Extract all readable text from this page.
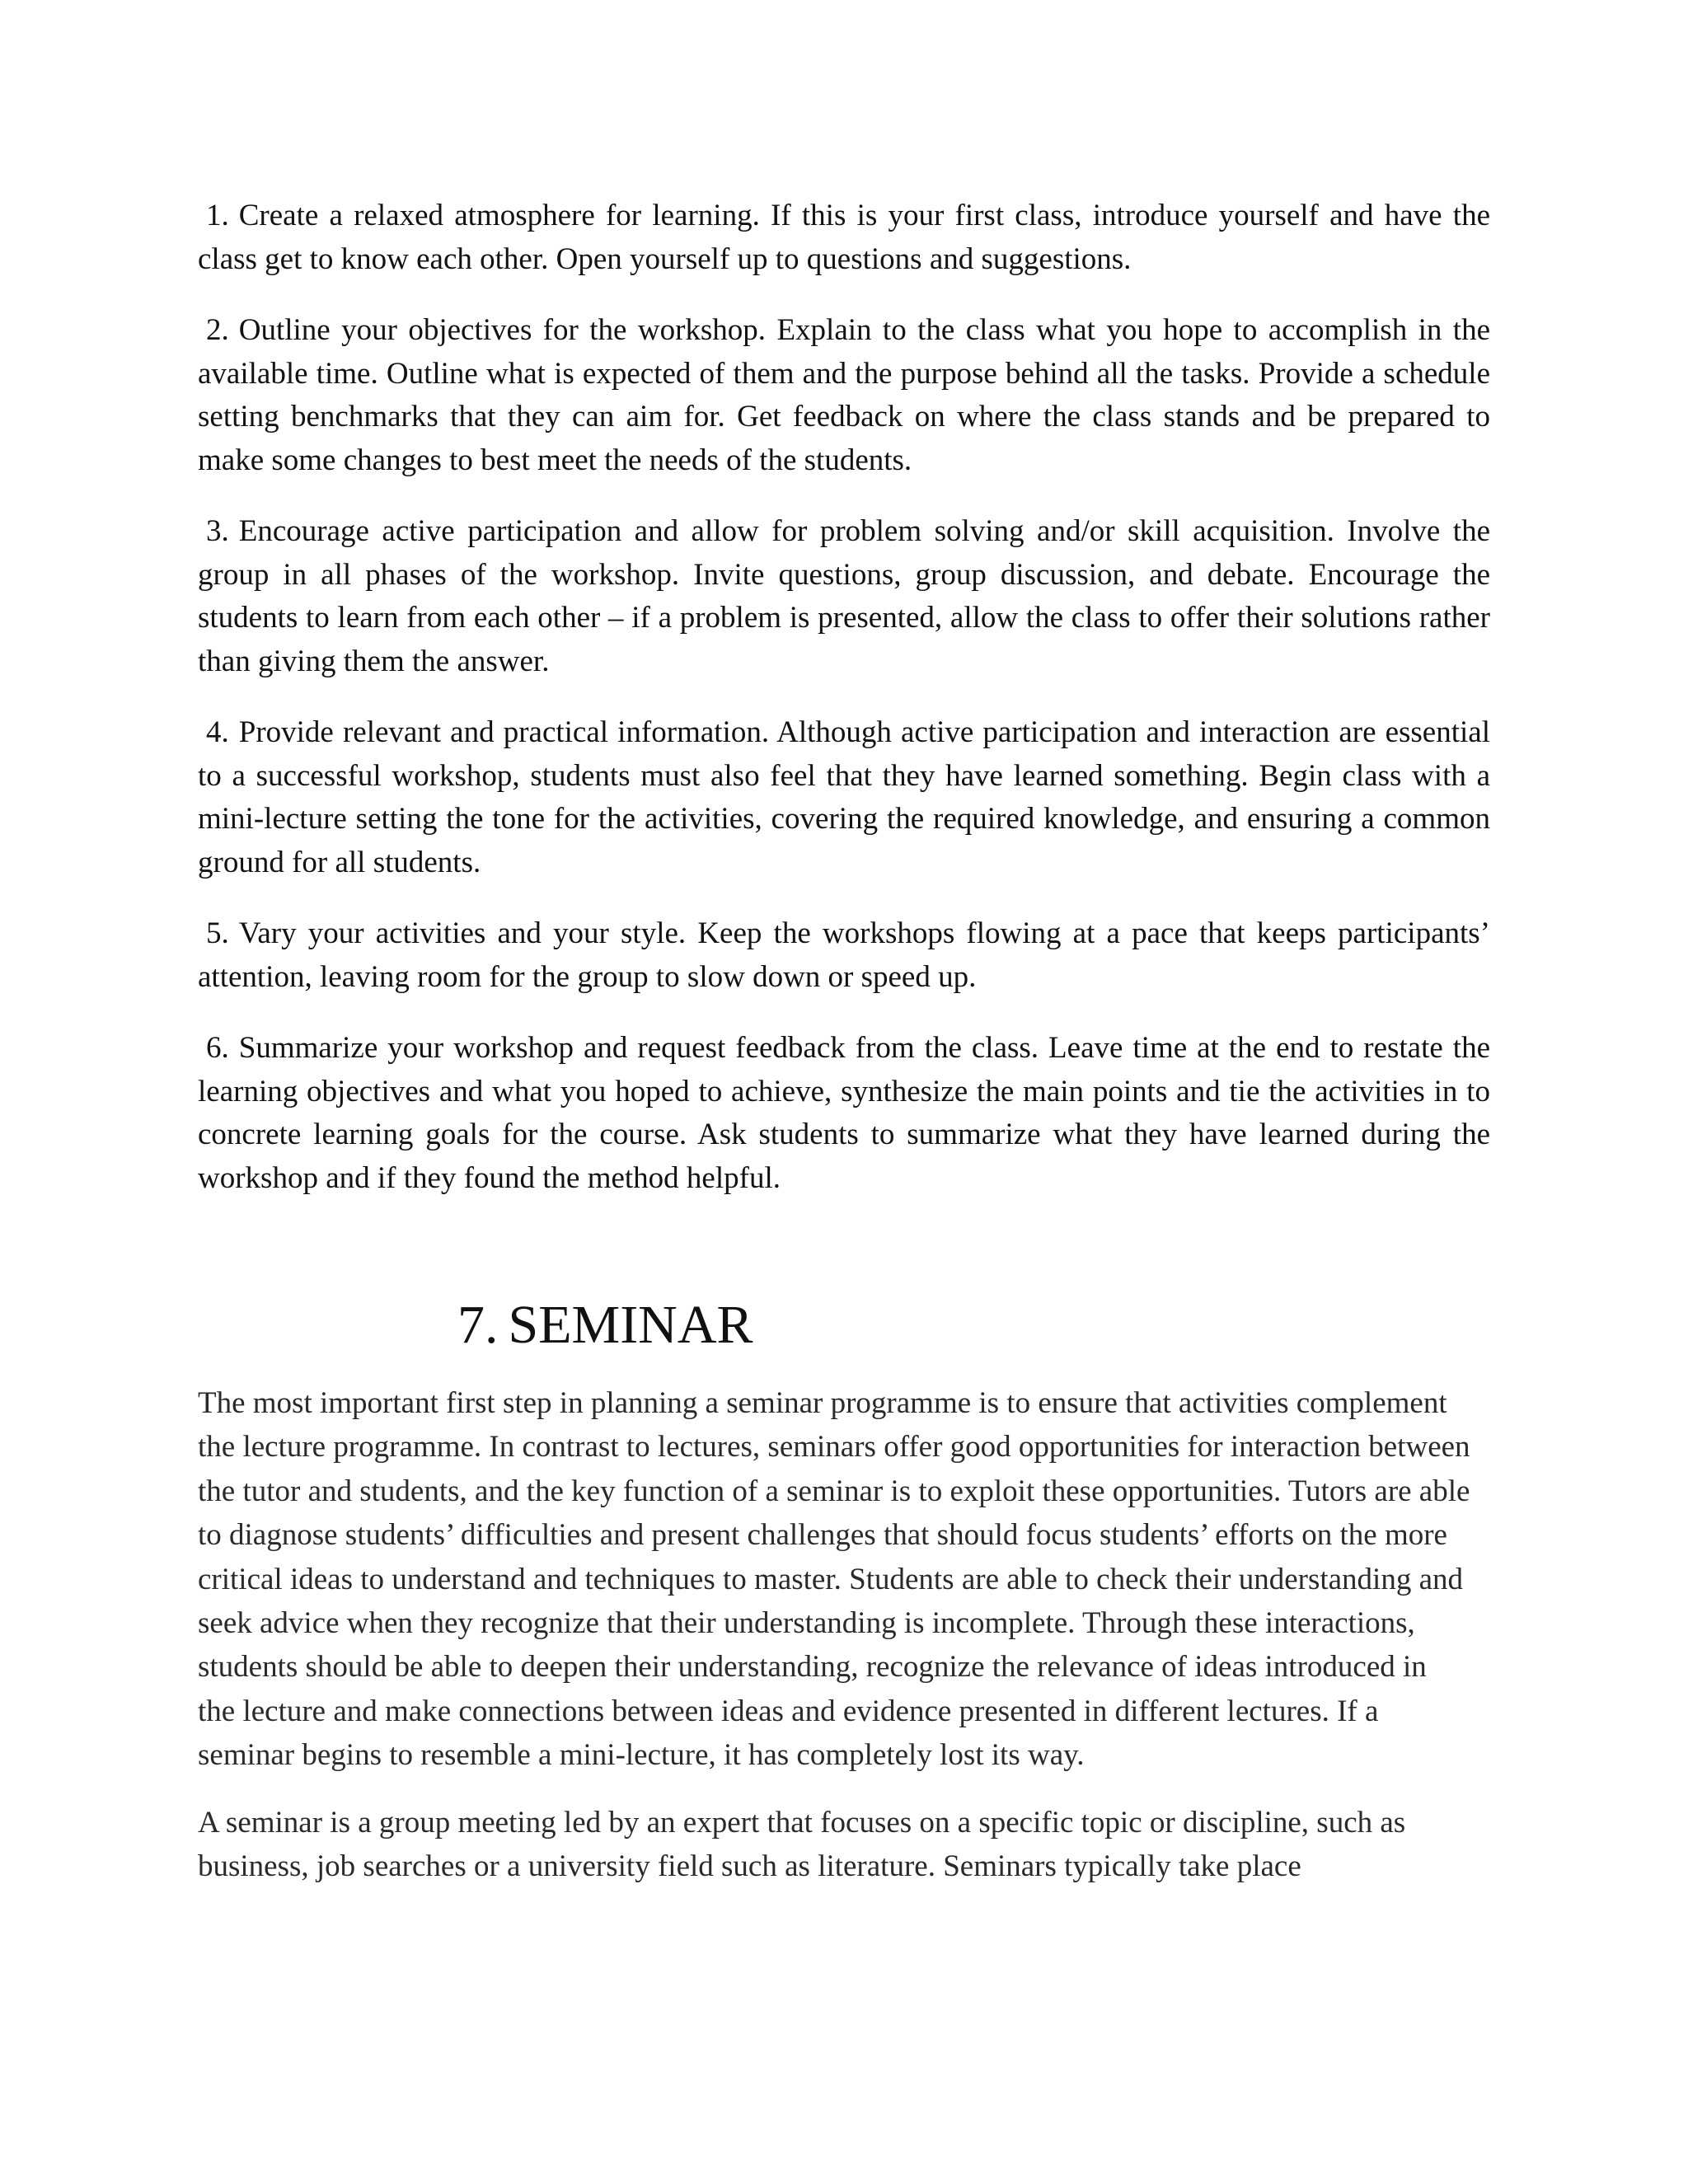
1. Create a relaxed atmosphere for learning. If this is your first class, introduce yourself and have the class get to know each other. Open yourself up to questions and suggestions.
2. Outline your objectives for the workshop. Explain to the class what you hope to accomplish in the available time. Outline what is expected of them and the purpose behind all the tasks. Provide a schedule setting benchmarks that they can aim for. Get feedback on where the class stands and be prepared to make some changes to best meet the needs of the students.
3. Encourage active participation and allow for problem solving and/or skill acquisition. Involve the group in all phases of the workshop. Invite questions, group discussion, and debate. Encourage the students to learn from each other – if a problem is presented, allow the class to offer their solutions rather than giving them the answer.
4. Provide relevant and practical information. Although active participation and interaction are essential to a successful workshop, students must also feel that they have learned something. Begin class with a mini-lecture setting the tone for the activities, covering the required knowledge, and ensuring a common ground for all students.
5. Vary your activities and your style. Keep the workshops flowing at a pace that keeps participants’ attention, leaving room for the group to slow down or speed up.
6. Summarize your workshop and request feedback from the class. Leave time at the end to restate the learning objectives and what you hoped to achieve, synthesize the main points and tie the activities in to concrete learning goals for the course. Ask students to summarize what they have learned during the workshop and if they found the method helpful.
7. SEMINAR

The most important first step in planning a seminar programme is to ensure that activities complement the lecture programme. In contrast to lectures, seminars offer good opportunities for interaction between the tutor and students, and the key function of a seminar is to exploit these opportunities. Tutors are able to diagnose students’ difficulties and present challenges that should focus students’ efforts on the more critical ideas to understand and techniques to master. Students are able to check their understanding and seek advice when they recognize that their understanding is incomplete. Through these interactions, students should be able to deepen their understanding, recognize the relevance of ideas introduced in the lecture and make connections between ideas and evidence presented in different lectures. If a seminar begins to resemble a mini-lecture, it has completely lost its way.

A seminar is a group meeting led by an expert that focuses on a specific topic or discipline, such as business, job searches or a university field such as literature. Seminars typically take place
